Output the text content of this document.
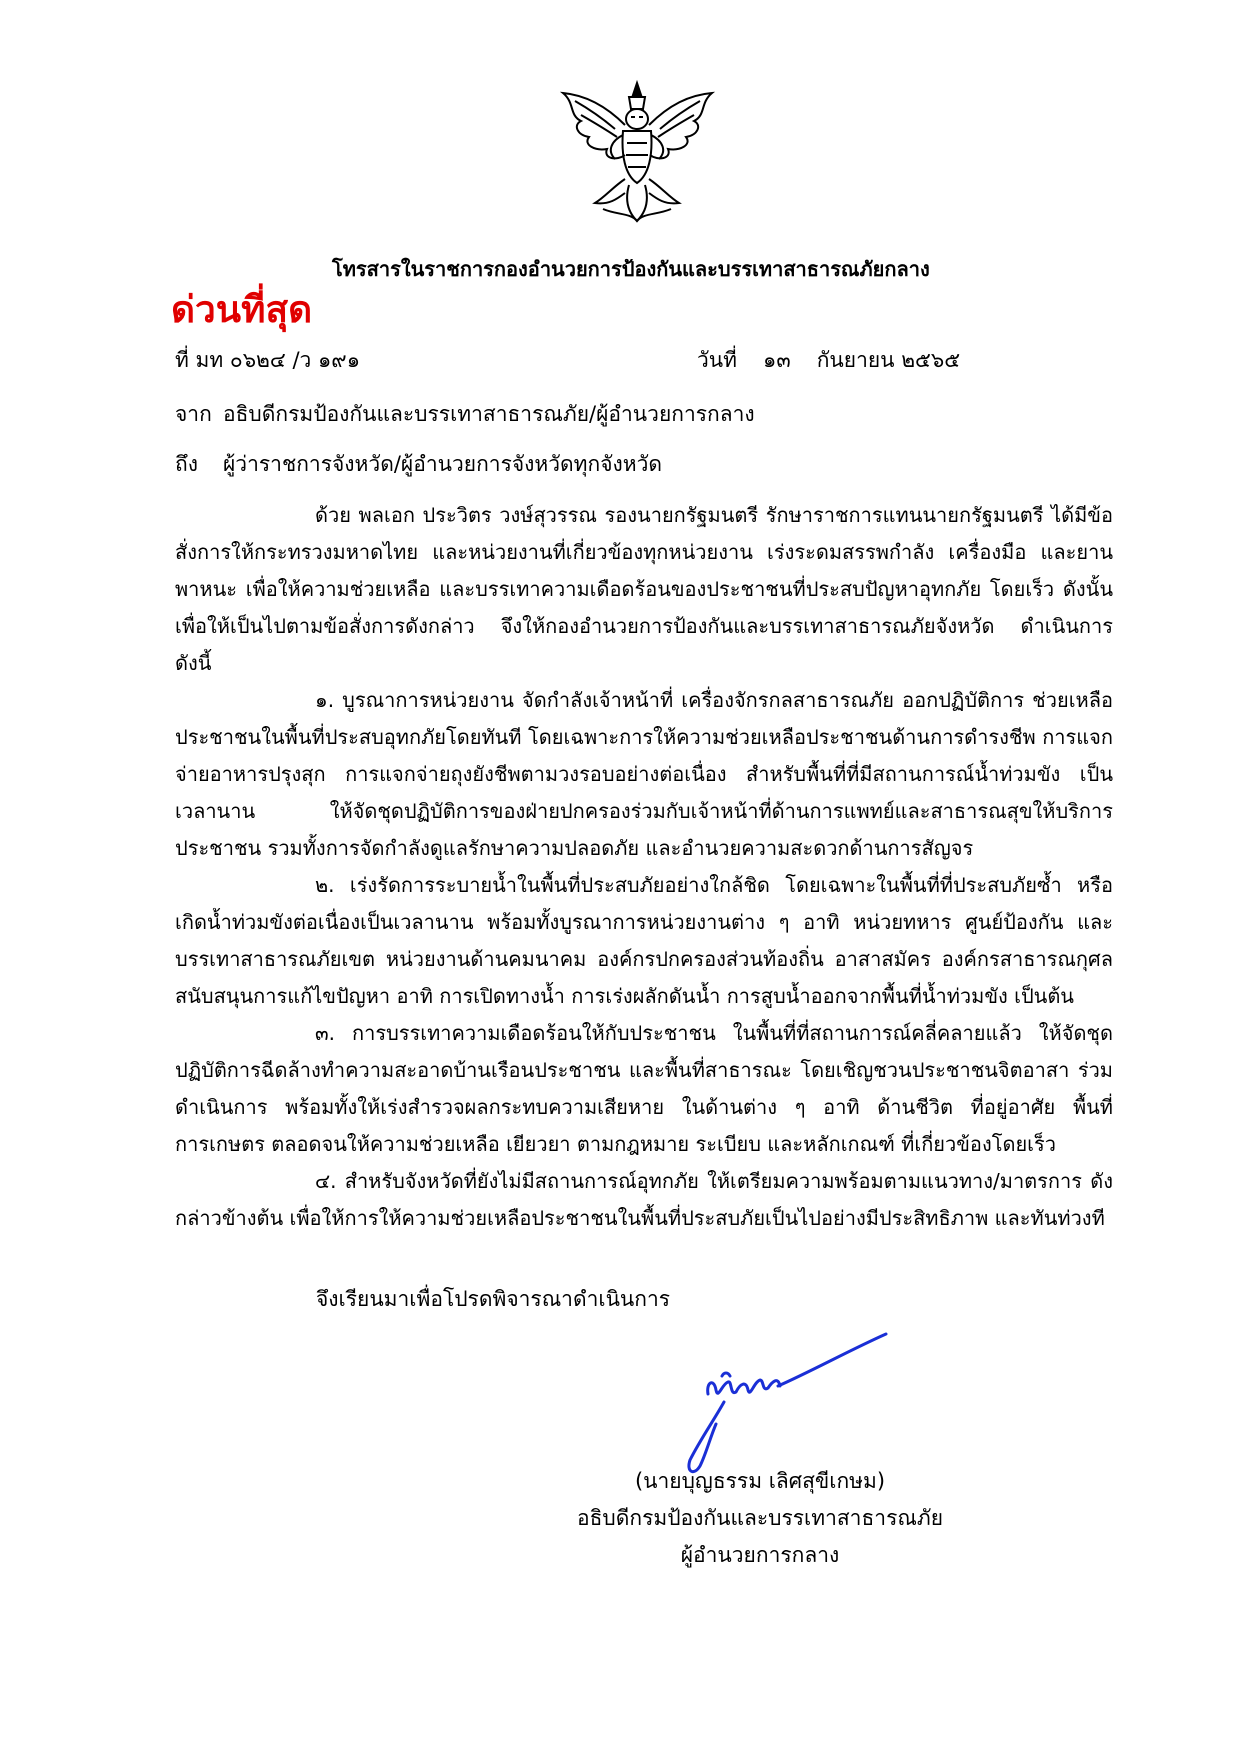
โทรสารในราชการกองอำนวยการป้องกันและบรรเทาสาธารณภัยกลาง
ด่วนที่สุด
ที่ มท ๐๖๒๔ /ว ๑๙๑	วันที่ ๑๓ กันยายน ๒๕๖๕
จาก อธิบดีกรมป้องกันและบรรเทาสาธารณภัย/ผู้อำนวยการกลาง
ถึง ผู้ว่าราชการจังหวัด/ผู้อำนวยการจังหวัดทุกจังหวัด

ด้วย พลเอก ประวิตร วงษ์สุวรรณ รองนายกรัฐมนตรี รักษาราชการแทนนายกรัฐมนตรี ได้มีข้อสั่งการให้กระทรวงมหาดไทย และหน่วยงานที่เกี่ยวข้องทุกหน่วยงาน เร่งระดมสรรพกำลัง เครื่องมือ และยานพาหนะ เพื่อให้ความช่วยเหลือ และบรรเทาความเดือดร้อนของประชาชนที่ประสบปัญหาอุทกภัย โดยเร็ว ดังนั้น เพื่อให้เป็นไปตามข้อสั่งการดังกล่าว จึงให้กองอำนวยการป้องกันและบรรเทาสาธารณภัยจังหวัด ดำเนินการ ดังนี้

๑. บูรณาการหน่วยงาน จัดกำลังเจ้าหน้าที่ เครื่องจักรกลสาธารณภัย ออกปฏิบัติการ ช่วยเหลือประชาชนในพื้นที่ประสบอุทกภัยโดยทันที โดยเฉพาะการให้ความช่วยเหลือประชาชนด้านการดำรงชีพ การแจกจ่ายอาหารปรุงสุก การแจกจ่ายถุงยังชีพตามวงรอบอย่างต่อเนื่อง สำหรับพื้นที่ที่มีสถานการณ์น้ำท่วมขัง เป็นเวลานาน ให้จัดชุดปฏิบัติการของฝ่ายปกครองร่วมกับเจ้าหน้าที่ด้านการแพทย์และสาธารณสุขให้บริการ ประชาชน รวมทั้งการจัดกำลังดูแลรักษาความปลอดภัย และอำนวยความสะดวกด้านการสัญจร

๒. เร่งรัดการระบายน้ำในพื้นที่ประสบภัยอย่างใกล้ชิด โดยเฉพาะในพื้นที่ที่ประสบภัยซ้ำ หรือเกิดน้ำท่วมขังต่อเนื่องเป็นเวลานาน พร้อมทั้งบูรณาการหน่วยงานต่าง ๆ อาทิ หน่วยทหาร ศูนย์ป้องกัน และบรรเทาสาธารณภัยเขต หน่วยงานด้านคมนาคม องค์กรปกครองส่วนท้องถิ่น อาสาสมัคร องค์กรสาธารณกุศล สนับสนุนการแก้ไขปัญหา อาทิ การเปิดทางน้ำ การเร่งผลักดันน้ำ การสูบน้ำออกจากพื้นที่น้ำท่วมขัง เป็นต้น

๓. การบรรเทาความเดือดร้อนให้กับประชาชน ในพื้นที่ที่สถานการณ์คลี่คลายแล้ว ให้จัดชุดปฏิบัติการฉีดล้างทำความสะอาดบ้านเรือนประชาชน และพื้นที่สาธารณะ โดยเชิญชวนประชาชนจิตอาสา ร่วมดำเนินการ พร้อมทั้งให้เร่งสำรวจผลกระทบความเสียหาย ในด้านต่าง ๆ อาทิ ด้านชีวิต ที่อยู่อาศัย พื้นที่การเกษตร ตลอดจนให้ความช่วยเหลือ เยียวยา ตามกฎหมาย ระเบียบ และหลักเกณฑ์ ที่เกี่ยวข้องโดยเร็ว

๔. สำหรับจังหวัดที่ยังไม่มีสถานการณ์อุทกภัย ให้เตรียมความพร้อมตามแนวทาง/มาตรการ ดังกล่าวข้างต้น เพื่อให้การให้ความช่วยเหลือประชาชนในพื้นที่ประสบภัยเป็นไปอย่างมีประสิทธิภาพ และทันท่วงที

จึงเรียนมาเพื่อโปรดพิจารณาดำเนินการ
(นายบุญธรรม เลิศสุขีเกษม)
อธิบดีกรมป้องกันและบรรเทาสาธารณภัย
ผู้อำนวยการกลาง
